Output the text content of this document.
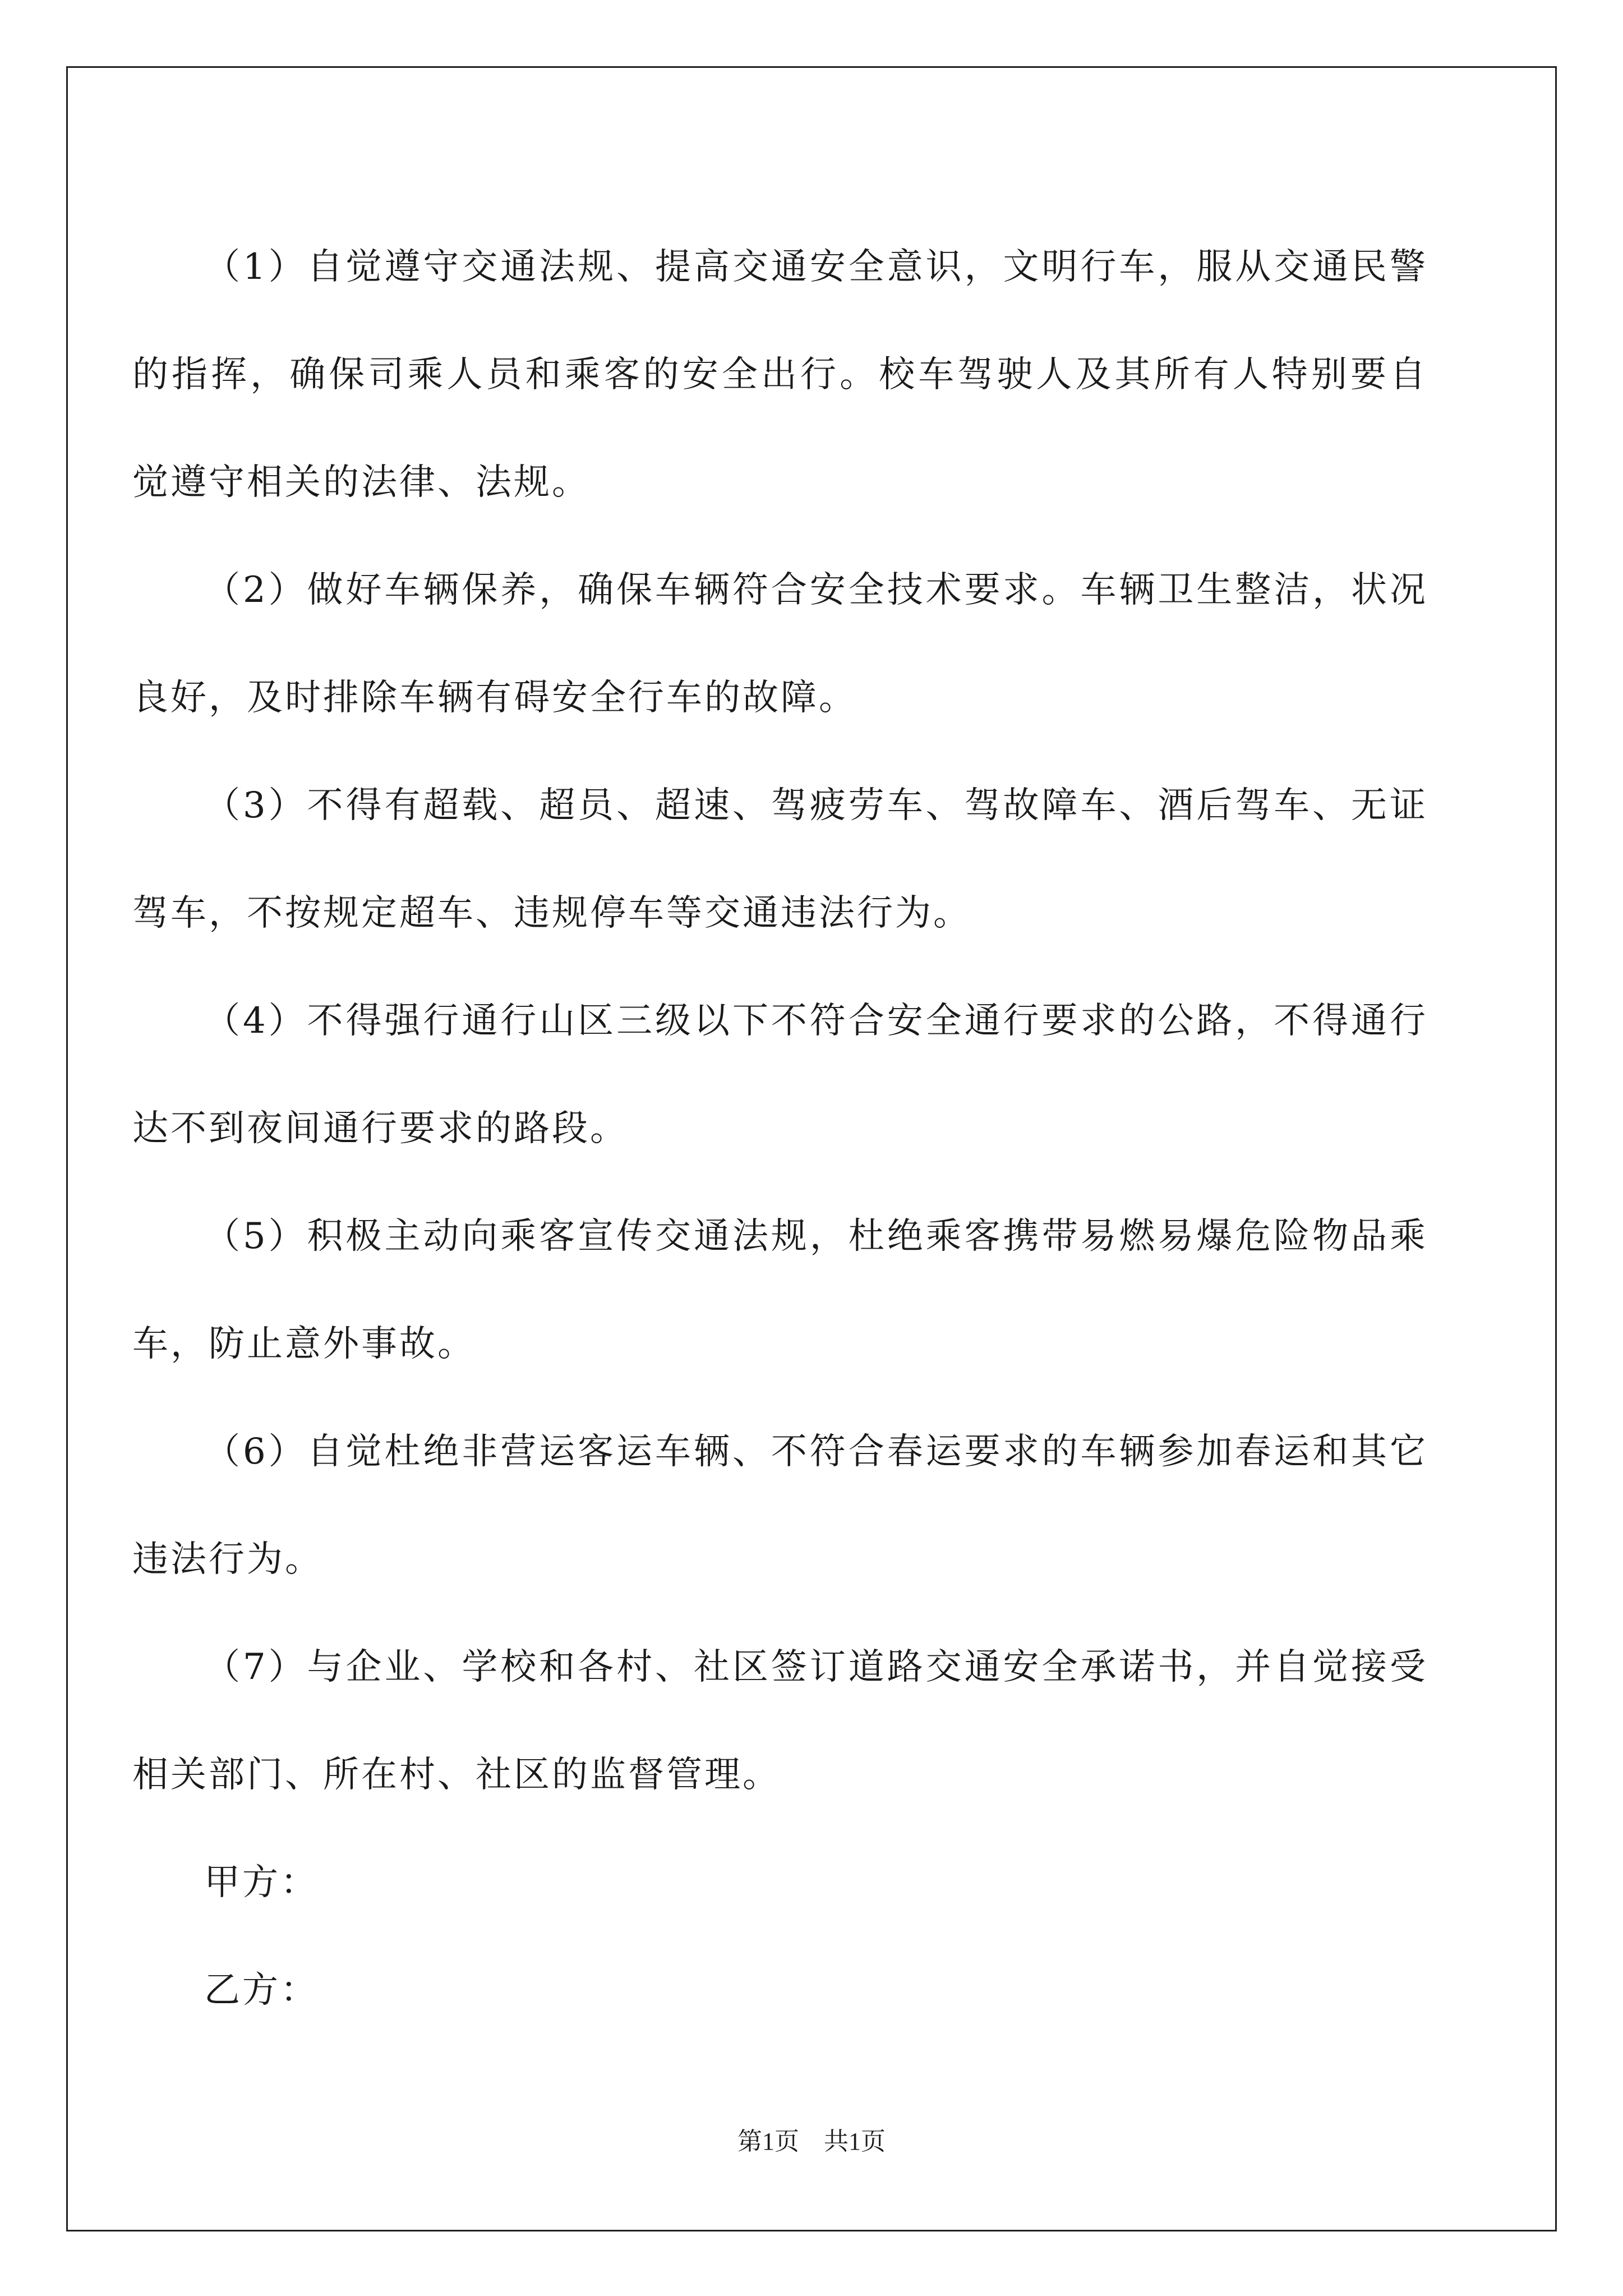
（1）自觉遵守交通法规、提高交通安全意识，文明行车，服从交通民警的指挥，确保司乘人员和乘客的安全出行。校车驾驶人及其所有人特别要自觉遵守相关的法律、法规。

（2）做好车辆保养，确保车辆符合安全技术要求。车辆卫生整洁，状况良好，及时排除车辆有碍安全行车的故障。

（3）不得有超载、超员、超速、驾疲劳车、驾故障车、酒后驾车、无证驾车，不按规定超车、违规停车等交通违法行为。

（4）不得强行通行山区三级以下不符合安全通行要求的公路，不得通行达不到夜间通行要求的路段。

（5）积极主动向乘客宣传交通法规，杜绝乘客携带易燃易爆危险物品乘车，防止意外事故。

（6）自觉杜绝非营运客运车辆、不符合春运要求的车辆参加春运和其它违法行为。

（7）与企业、学校和各村、社区签订道路交通安全承诺书，并自觉接受相关部门、所在村、社区的监督管理。

甲方：

乙方：

第1页　共1页
